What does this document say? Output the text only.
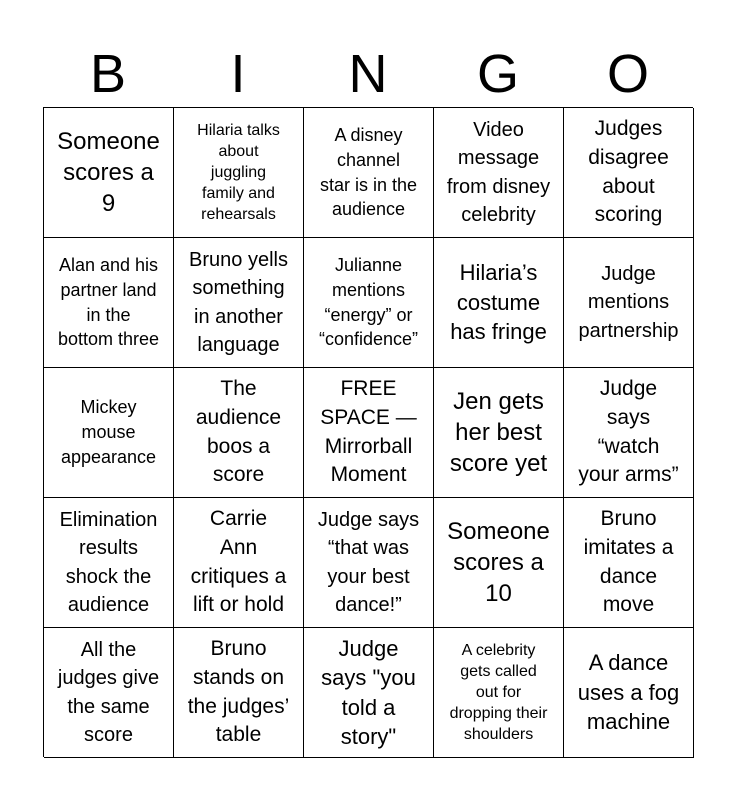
B	I	N	G	O
Someone
scores a
9
Hilaria talks
about
juggling
family and
rehearsals
A disney
channel
star is in the
audience
Video
message
from disney
celebrity
Judges
disagree
about
scoring
Alan and his
partner land
in the
bottom three
Bruno yells
something
in another
language
Julianne
mentions
“energy” or
“confidence”
Hilaria’s
costume
has fringe
Judge
mentions
partnership
Mickey
mouse
appearance
The
audience
boos a
score
FREE
SPACE —
Mirrorball
Moment
Jen gets
her best
score yet
Judge
says
“watch
your arms”
Elimination
results
shock the
audience
Carrie
Ann
critiques a
lift or hold
Judge says
“that was
your best
dance!”
Someone
scores a
10
Bruno
imitates a
dance
move
All the
judges give
the same
score
Bruno
stands on
the judges’
table
Judge
says "you
told a
story"
A celebrity
gets called
out for
dropping their
shoulders
A dance
uses a fog
machine
